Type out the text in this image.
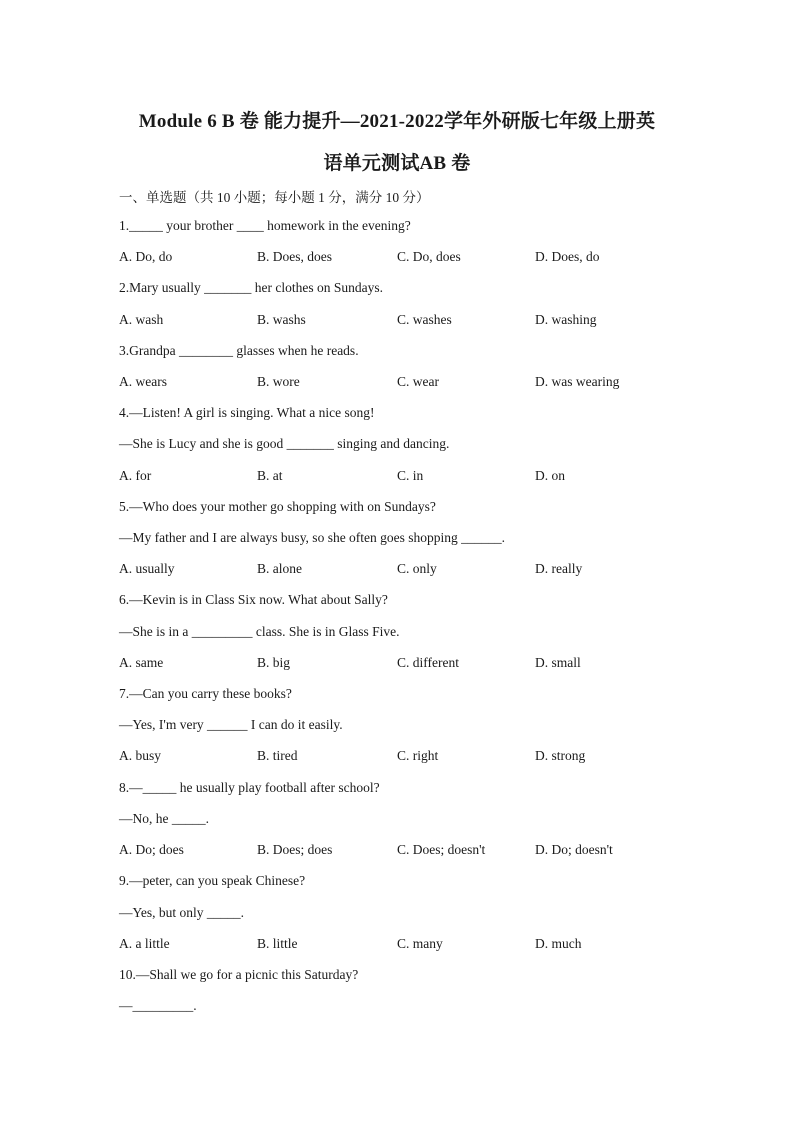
Module 6 B 卷 能力提升—2021-2022学年外研版七年级上册英
语单元测试AB 卷
一、单选题（共 10 小题；每小题 1 分，满分 10 分）
1._____ your brother ____ homework in the evening?
A. Do, do	B. Does, does	C. Do, does	D. Does, do
2.Mary usually _______ her clothes on Sundays.
A. wash	B. washs	C. washes	D. washing
3.Grandpa ________ glasses when he reads.
A. wears	B. wore	C. wear	D. was wearing
4.—Listen! A girl is singing. What a nice song!
—She is Lucy and she is good _______ singing and dancing.
A. for	B. at	C. in	D. on
5.—Who does your mother go shopping with on Sundays?
—My father and I are always busy, so she often goes shopping ______.
A. usually	B. alone	C. only	D. really
6.—Kevin is in Class Six now. What about Sally?
—She is in a _________ class. She is in Glass Five.
A. same	B. big	C. different	D. small
7.—Can you carry these books?
—Yes, I'm very ______ I can do it easily.
A. busy	B. tired	C. right	D. strong
8.—_____ he usually play football after school?
—No, he _____.
A. Do; does	B. Does; does	C. Does; doesn't	D. Do; doesn't
9.—peter, can you speak Chinese?
—Yes, but only _____.
A. a little	B. little	C. many	D. much
10.—Shall we go for a picnic this Saturday?
—_________.
